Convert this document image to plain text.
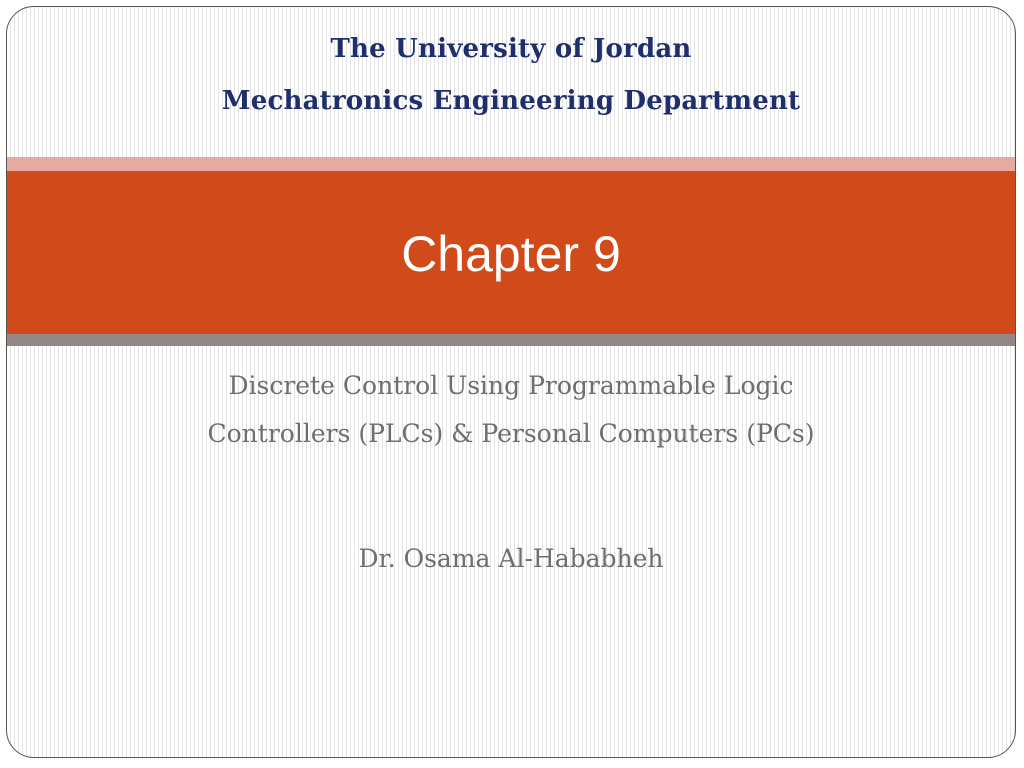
The University of Jordan
Mechatronics Engineering Department
Chapter 9
Discrete Control Using Programmable Logic
Controllers (PLCs) & Personal Computers (PCs)
Dr. Osama Al-Hababheh
